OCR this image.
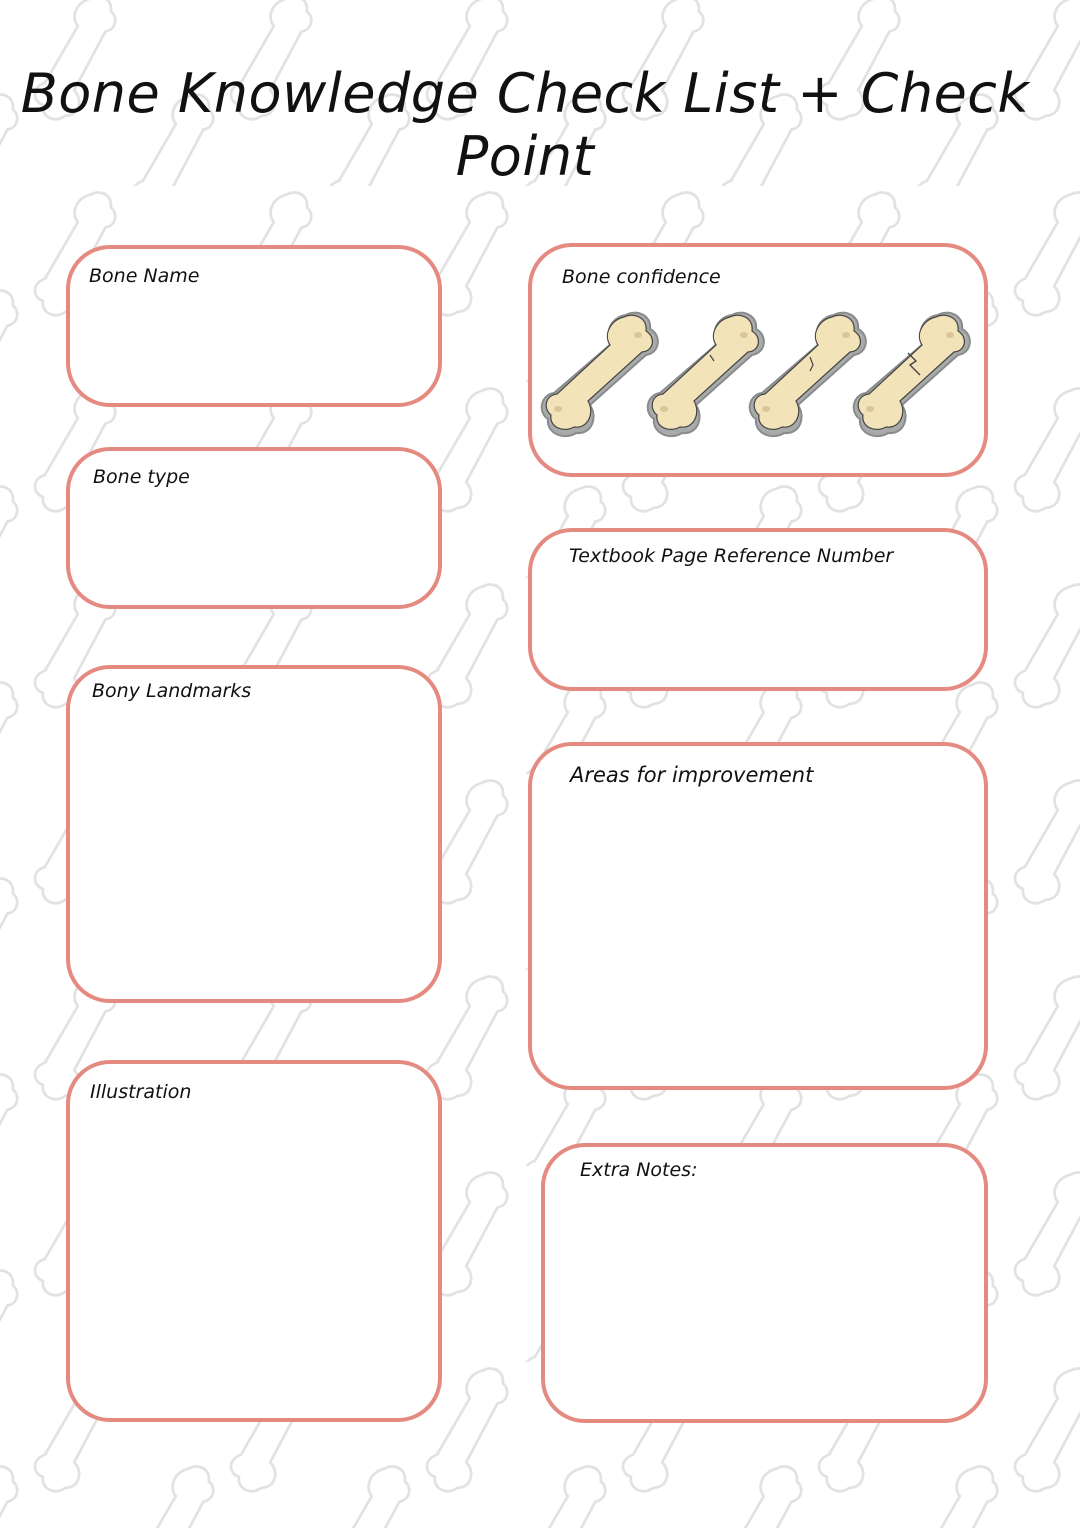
Bone Knowledge Check List + Check Point
Bone Name
Bone type
Bony Landmarks
Illustration
Bone confidence
Textbook Page Reference Number
Areas for improvement
Extra Notes:
